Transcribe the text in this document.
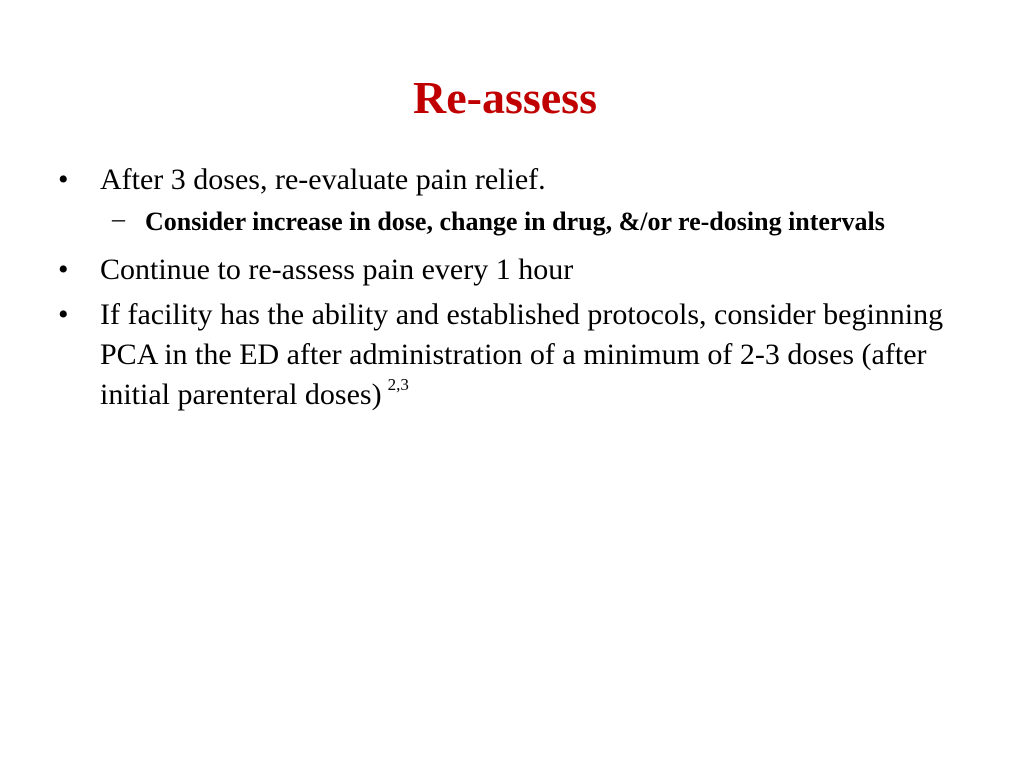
Re-assess

•	After 3 doses, re-evaluate pain relief.

– Consider increase in dose, change in drug, &/or re-dosing intervals

•	Continue to re-assess pain every 1 hour

•	If facility has the ability and established protocols, consider beginning PCA in the ED after administration of a minimum of 2-3 doses (after initial parenteral doses) $^{2,3}$
